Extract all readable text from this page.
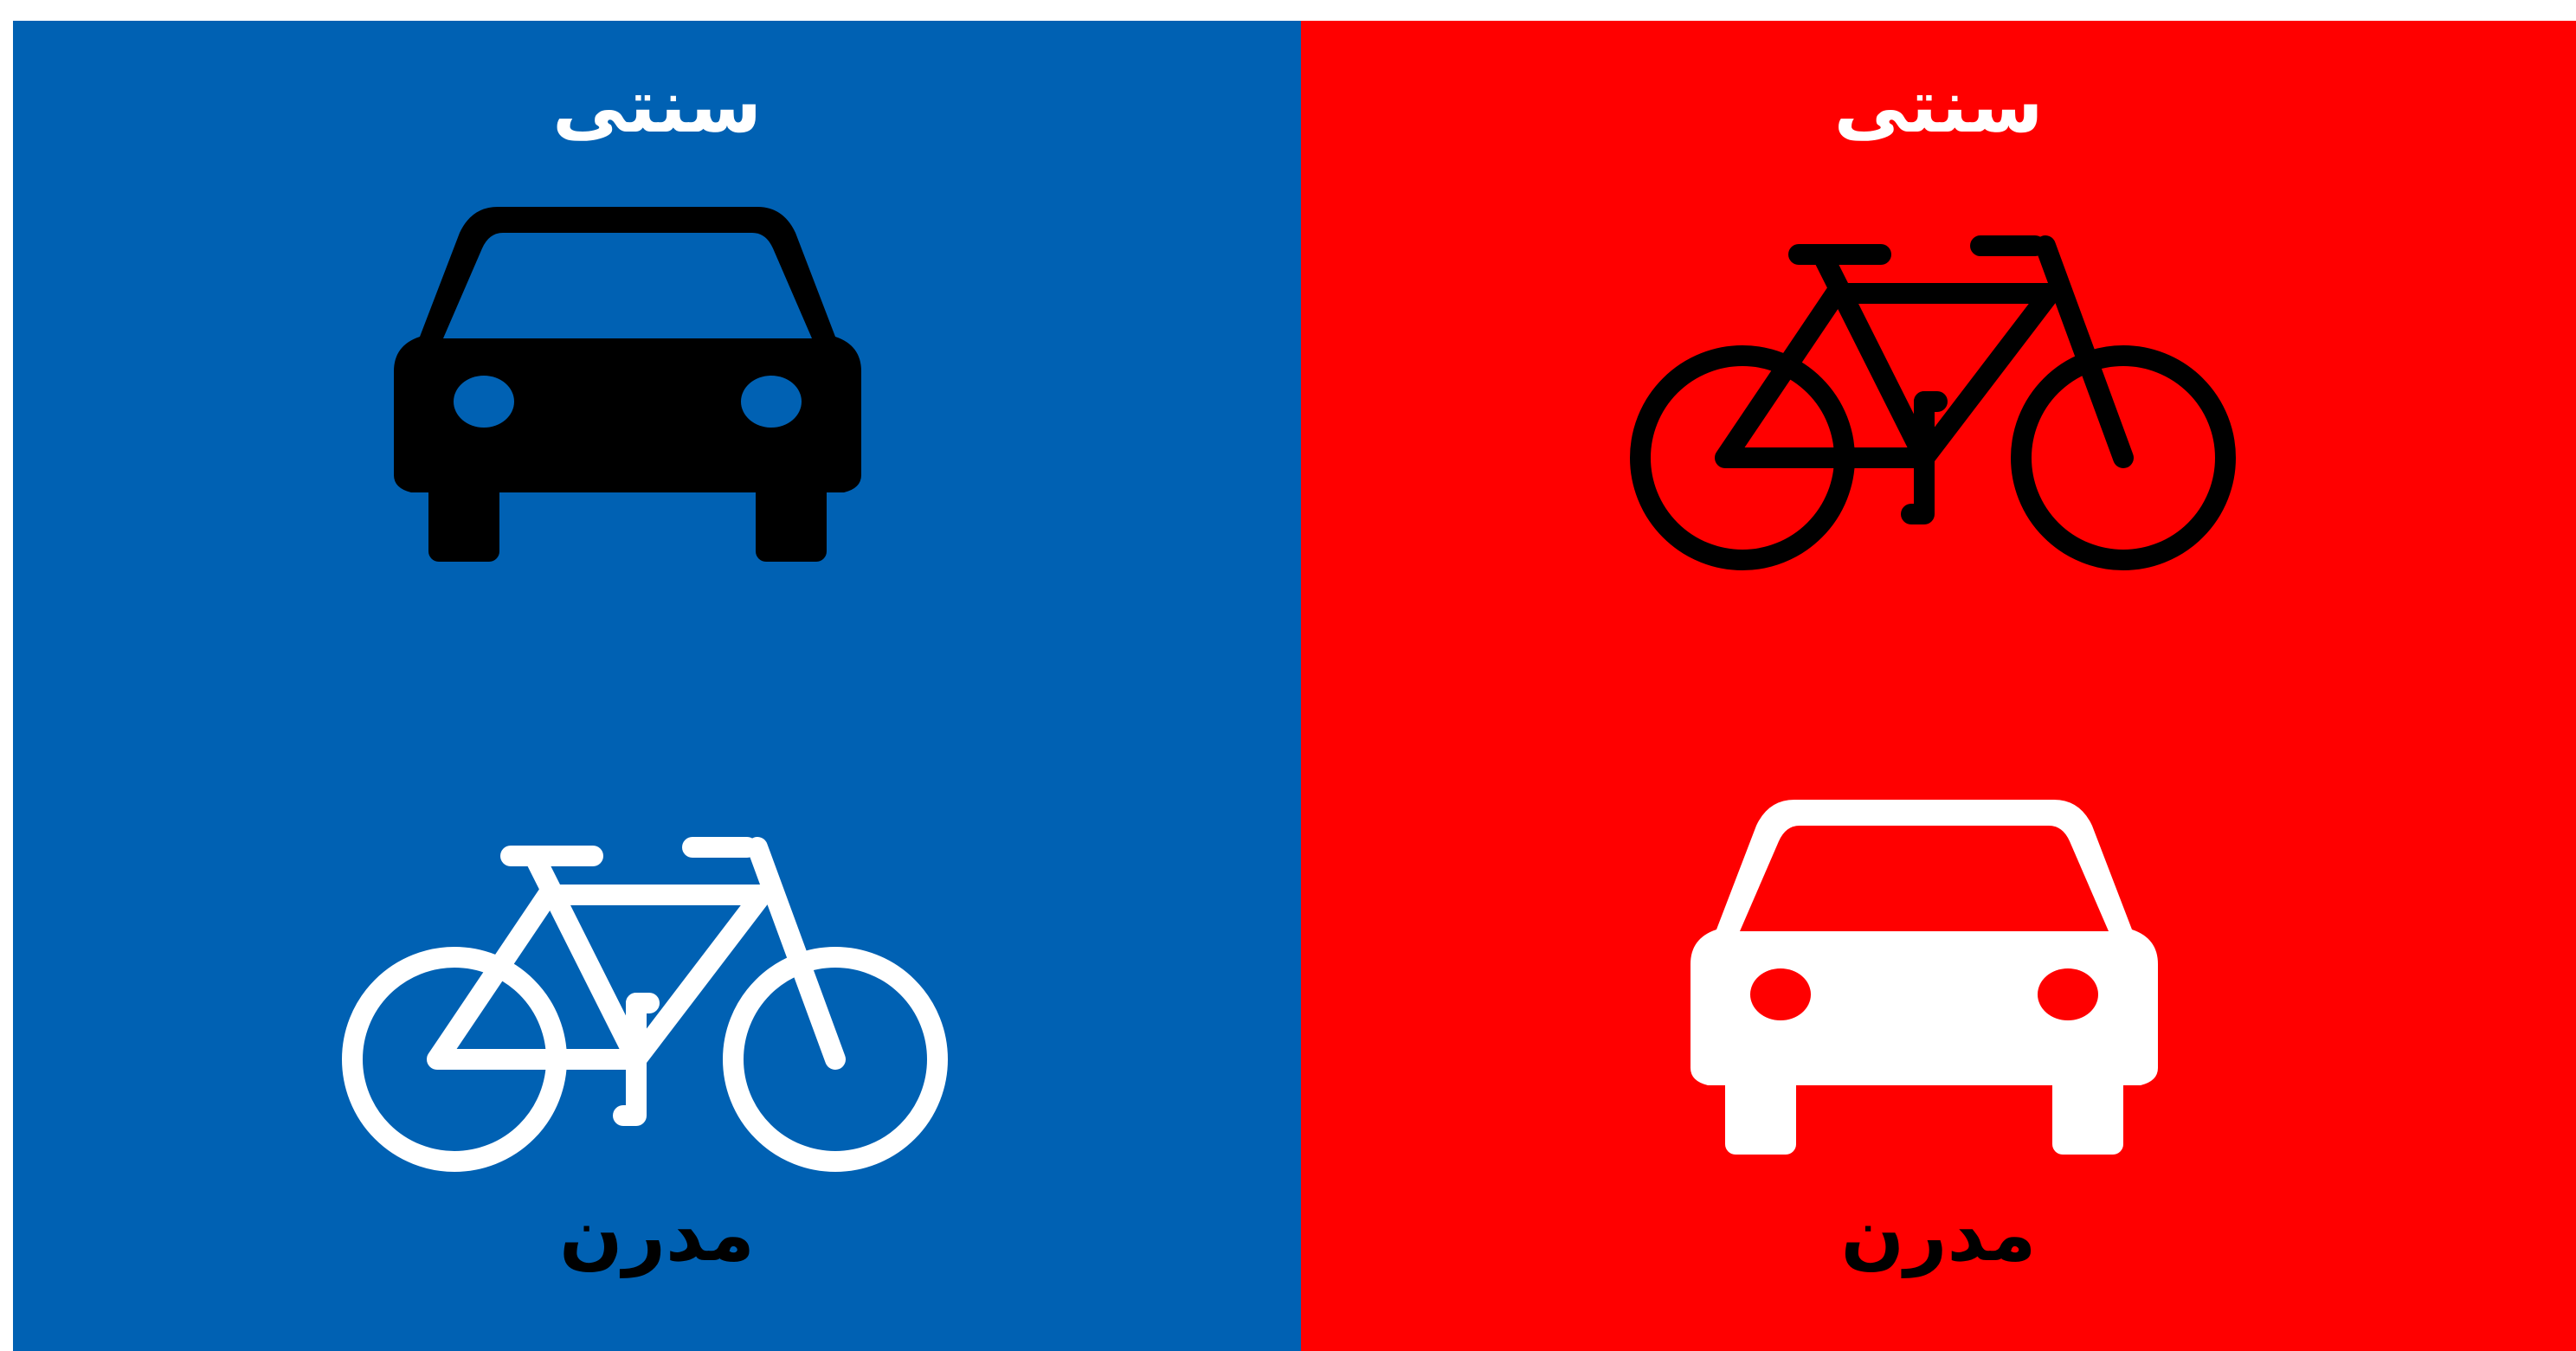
سنتی
مدرن
سنتی
مدرن
